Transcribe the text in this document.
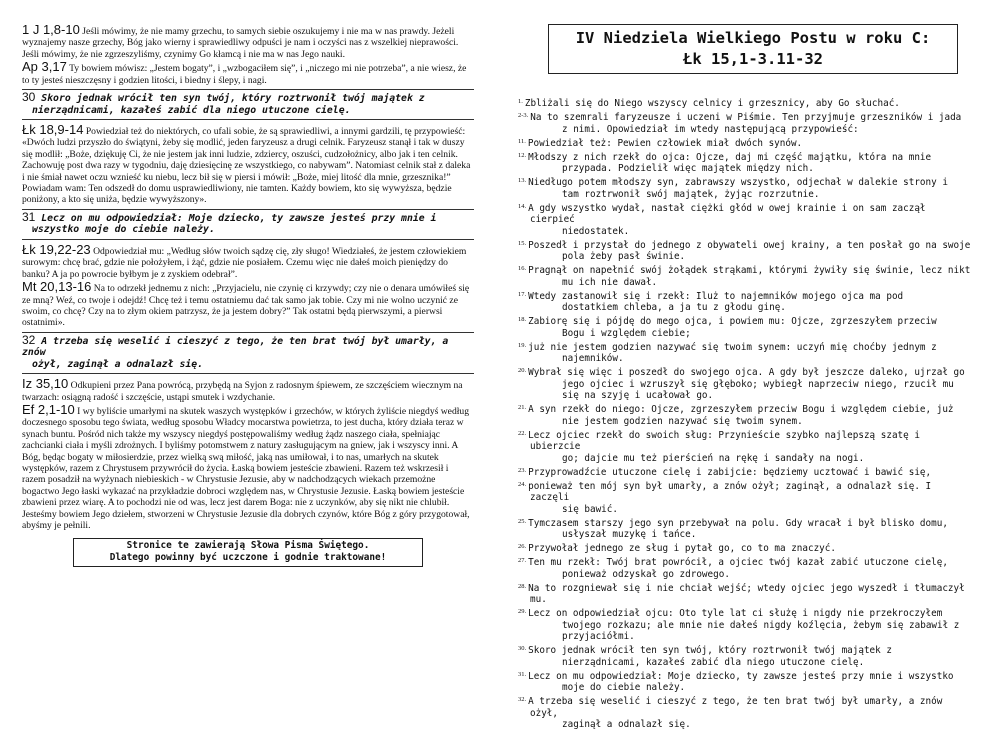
1 J 1,8-10 Jeśli mówimy, że nie mamy grzechu, to samych siebie oszukujemy i nie ma w nas prawdy. Jeżeli wyznajemy nasze grzechy, Bóg jako wierny i sprawiedliwy odpuści je nam i oczyści nas z wszelkiej nieprawości. Jeśli mówimy, że nie zgrzeszyliśmy, czynimy Go kłamcą i nie ma w nas Jego nauki.
Ap 3,17 Ty bowiem mówisz: „Jestem bogaty”, i „wzbogaciłem się”, i „niczego mi nie potrzeba”, a nie wiesz, że to ty jesteś nieszczęsny i godzien litości, i biedny i ślepy, i nagi.
30 Skoro jednak wrócił ten syn twój, który roztrwonił twój majątek z
nierządnicami, kazałeś zabić dla niego utuczone cielę.
Łk 18,9-14 Powiedział też do niektórych, co ufali sobie, że są sprawiedliwi, a innymi gardzili, tę przypowieść: «Dwóch ludzi przyszło do świątyni, żeby się modlić, jeden faryzeusz a drugi celnik. Faryzeusz stanął i tak w duszy się modlił: „Boże, dziękuję Ci, że nie jestem jak inni ludzie, zdziercy, oszuści, cudzołożnicy, albo jak i ten celnik. Zachowuję post dwa razy w tygodniu, daję dziesięcinę ze wszystkiego, co nabywam”. Natomiast celnik stał z daleka i nie śmiał nawet oczu wznieść ku niebu, lecz bił się w piersi i mówił: „Boże, miej litość dla mnie, grzesznika!” Powiadam wam: Ten odszedł do domu usprawiedliwiony, nie tamten. Każdy bowiem, kto się wywyższa, będzie poniżony, a kto się uniża, będzie wywyższony».
31 Lecz on mu odpowiedział: Moje dziecko, ty zawsze jesteś przy mnie i
wszystko moje do ciebie należy.
Łk 19,22-23 Odpowiedział mu: „Według słów twoich sądzę cię, zły sługo! Wiedziałeś, że jestem człowiekiem surowym: chcę brać, gdzie nie położyłem, i żąć, gdzie nie posiałem. Czemu więc nie dałeś moich pieniędzy do banku? A ja po powrocie byłbym je z zyskiem odebrał”.
Mt 20,13-16 Na to odrzekł jednemu z nich: „Przyjacielu, nie czynię ci krzywdy; czy nie o denara umówiłeś się ze mną? Weź, co twoje i odejdź! Chcę też i temu ostatniemu dać tak samo jak tobie. Czy mi nie wolno uczynić ze swoim, co chcę? Czy na to złym okiem patrzysz, że ja jestem dobry?” Tak ostatni będą pierwszymi, a pierwsi ostatnimi».
32 A trzeba się weselić i cieszyć z tego, że ten brat twój był umarły, a znów
ożył, zaginął a odnalazł się.
Iz 35,10 Odkupieni przez Pana powrócą, przybędą na Syjon z radosnym śpiewem, ze szczęściem wiecznym na twarzach: osiągną radość i szczęście, ustąpi smutek i wzdychanie.
Ef 2,1-10 I wy byliście umarłymi na skutek waszych występków i grzechów, w których żyliście niegdyś według doczesnego sposobu tego świata, według sposobu Władcy mocarstwa powietrza, to jest ducha, który działa teraz w synach buntu. Pośród nich także my wszyscy niegdyś postępowaliśmy według żądz naszego ciała, spełniając zachcianki ciała i myśli zdrożnych. I byliśmy potomstwem z natury zasługującym na gniew, jak i wszyscy inni. A Bóg, będąc bogaty w miłosierdzie, przez wielką swą miłość, jaką nas umiłował, i to nas, umarłych na skutek występków, razem z Chrystusem przywrócił do życia. Łaską bowiem jesteście zbawieni. Razem też wskrzesił i razem posadził na wyżynach niebieskich - w Chrystusie Jezusie, aby w nadchodzących wiekach przemożne bogactwo Jego łaski wykazać na przykładzie dobroci względem nas, w Chrystusie Jezusie. Łaską bowiem jesteście zbawieni przez wiarę. A to pochodzi nie od was, lecz jest darem Boga: nie z uczynków, aby się nikt nie chlubił. Jesteśmy bowiem Jego dziełem, stworzeni w Chrystusie Jezusie dla dobrych czynów, które Bóg z góry przygotował, abyśmy je pełnili.
Stronice te zawierają Słowa Pisma Świętego.
Dlatego powinny być uczczone i godnie traktowane!
IV Niedziela Wielkiego Postu w roku C:
Łk 15,1-3.11-32
$^{1.}$ Zbliżali się do Niego wszyscy celnicy i grzesznicy, aby Go słuchać.
$^{2-3.}$ Na to szemrali faryzeusze i uczeni w Piśmie. Ten przyjmuje grzeszników i jada
z nimi. Opowiedział im wtedy następującą przypowieść:
$^{11.}$ Powiedział też: Pewien człowiek miał dwóch synów.
$^{12.}$ Młodszy z nich rzekł do ojca: Ojcze, daj mi część majątku, która na mnie
przypada. Podzielił więc majątek między nich.
$^{13.}$ Niedługo potem młodszy syn, zabrawszy wszystko, odjechał w dalekie strony i
tam roztrwonił swój majątek, żyjąc rozrzutnie.
$^{14.}$ A gdy wszystko wydał, nastał ciężki głód w owej krainie i on sam zaczął cierpieć
niedostatek.
$^{15.}$ Poszedł i przystał do jednego z obywateli owej krainy, a ten posłał go na swoje
pola żeby pasł świnie.
$^{16.}$ Pragnął on napełnić swój żołądek strąkami, którymi żywiły się świnie, lecz nikt
mu ich nie dawał.
$^{17.}$ Wtedy zastanowił się i rzekł: Iluż to najemników mojego ojca ma pod
dostatkiem chleba, a ja tu z głodu ginę.
$^{18.}$ Zabiorę się i pójdę do mego ojca, i powiem mu: Ojcze, zgrzeszyłem przeciw
Bogu i względem ciebie;
$^{19.}$ już nie jestem godzien nazywać się twoim synem: uczyń mię choćby jednym z
najemników.
$^{20.}$ Wybrał się więc i poszedł do swojego ojca. A gdy był jeszcze daleko, ujrzał go
jego ojciec i wzruszył się głęboko; wybiegł naprzeciw niego, rzucił mu się na szyję i ucałował go.
$^{21.}$ A syn rzekł do niego: Ojcze, zgrzeszyłem przeciw Bogu i względem ciebie, już
nie jestem godzien nazywać się twoim synem.
$^{22.}$ Lecz ojciec rzekł do swoich sług: Przynieście szybko najlepszą szatę i ubierzcie
go; dajcie mu też pierścień na rękę i sandały na nogi.
$^{23.}$ Przyprowadźcie utuczone cielę i zabijcie: będziemy ucztować i bawić się,
$^{24.}$ ponieważ ten mój syn był umarły, a znów ożył; zaginął, a odnalazł się. I zaczęli
się bawić.
$^{25.}$ Tymczasem starszy jego syn przebywał na polu. Gdy wracał i był blisko domu,
usłyszał muzykę i tańce.
$^{26.}$ Przywołał jednego ze sług i pytał go, co to ma znaczyć.
$^{27.}$ Ten mu rzekł: Twój brat powrócił, a ojciec twój kazał zabić utuczone cielę,
ponieważ odzyskał go zdrowego.
$^{28.}$ Na to rozgniewał się i nie chciał wejść; wtedy ojciec jego wyszedł i tłumaczył mu.
$^{29.}$ Lecz on odpowiedział ojcu: Oto tyle lat ci służę i nigdy nie przekroczyłem
twojego rozkazu; ale mnie nie dałeś nigdy koźlęcia, żebym się zabawił z przyjaciółmi.
$^{30.}$ Skoro jednak wrócił ten syn twój, który roztrwonił twój majątek z
nierządnicami, kazałeś zabić dla niego utuczone cielę.
$^{31.}$ Lecz on mu odpowiedział: Moje dziecko, ty zawsze jesteś przy mnie i wszystko
moje do ciebie należy.
$^{32.}$ A trzeba się weselić i cieszyć z tego, że ten brat twój był umarły, a znów ożył,
zaginął a odnalazł się.
